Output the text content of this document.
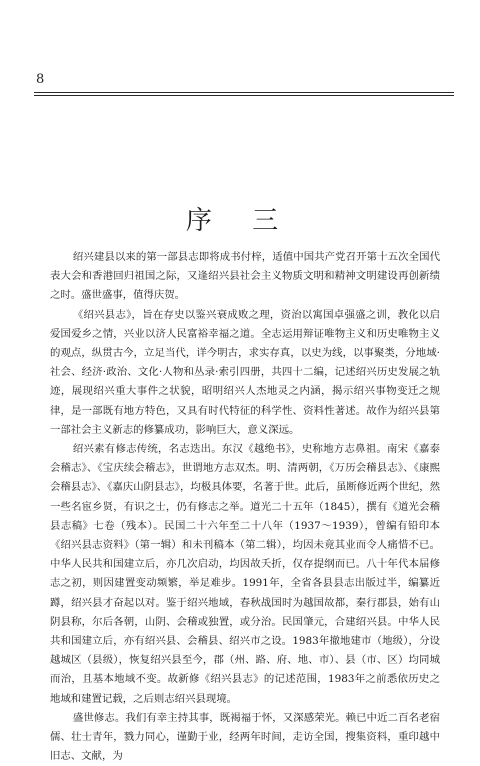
8
序 三

绍兴建县以来的第一部县志即将成书付梓，适值中国共产党召开第十五次全国代表大会和香港回归祖国之际，又逢绍兴县社会主义物质文明和精神文明建设再创新绩之时。盛世盛事，值得庆贺。

《绍兴县志》，旨在存史以鉴兴衰成败之理，资治以寓国卓强盛之训，教化以启爱国爱乡之情，兴业以济人民富裕幸福之道。全志运用辩证唯物主义和历史唯物主义的观点，纵贯古今，立足当代，详今明古，求实存真，以史为线，以事聚类，分地域·社会、经济·政治、文化·人物和丛录·索引四册，共四十二编，记述绍兴历史发展之轨迹，展现绍兴重大事件之状貌，昭明绍兴人杰地灵之内涵，揭示绍兴事物变迁之规律，是一部既有地方特色，又具有时代特征的科学性、资料性著述。故作为绍兴县第一部社会主义新志的修纂成功，影响巨大，意义深远。

绍兴素有修志传统，名志迭出。东汉《越绝书》，史称地方志鼻祖。南宋《嘉泰会稽志》、《宝庆续会稽志》，世谓地方志双杰。明、清两朝，《万历会稽县志》、《康熙会稽县志》、《嘉庆山阴县志》，均极具体要，名著于世。此后，虽断修近两个世纪，然一些名宦乡贤，有识之士，仍有修志之举。道光二十五年（1845），撰有《道光会稽县志稿》七卷（残本）。民国二十六年至二十八年（1937～1939），曾编有铅印本《绍兴县志资料》（第一辑）和未刊稿本（第二辑），均因未竟其业而令人痛惜不已。中华人民共和国建立后，亦几次启动，均因故夭折，仅存提纲而已。八十年代本届修志之初，则因建置变动频繁，举足难步。1991年，全省各县县志出版过半，编纂近蹲，绍兴县才奋起以对。鉴于绍兴地域，春秋战国时为越国故都，秦行郡县，始有山阴县称，尔后各朝，山阴、会稽或独置，或分治。民国肇元，合建绍兴县。中华人民共和国建立后，亦有绍兴县、会稽县、绍兴市之设。1983年撤地建市（地级），分设越城区（县级），恢复绍兴县至今，郡（州、路、府、地、市）、县（市、区）均同城而治，且基本地域不变。故新修《绍兴县志》的记述范围，1983年之前悉依历史之地域和建置记载，之后则志绍兴县现境。

盛世修志。我们有幸主持其事，既褐福于怀，又深感荣光。赖已中近二百名老宿儒、壮士青年，戮力同心，谨勤于业，经两年时间，走访全国，搜集资料，重印越中旧志、文献，为
